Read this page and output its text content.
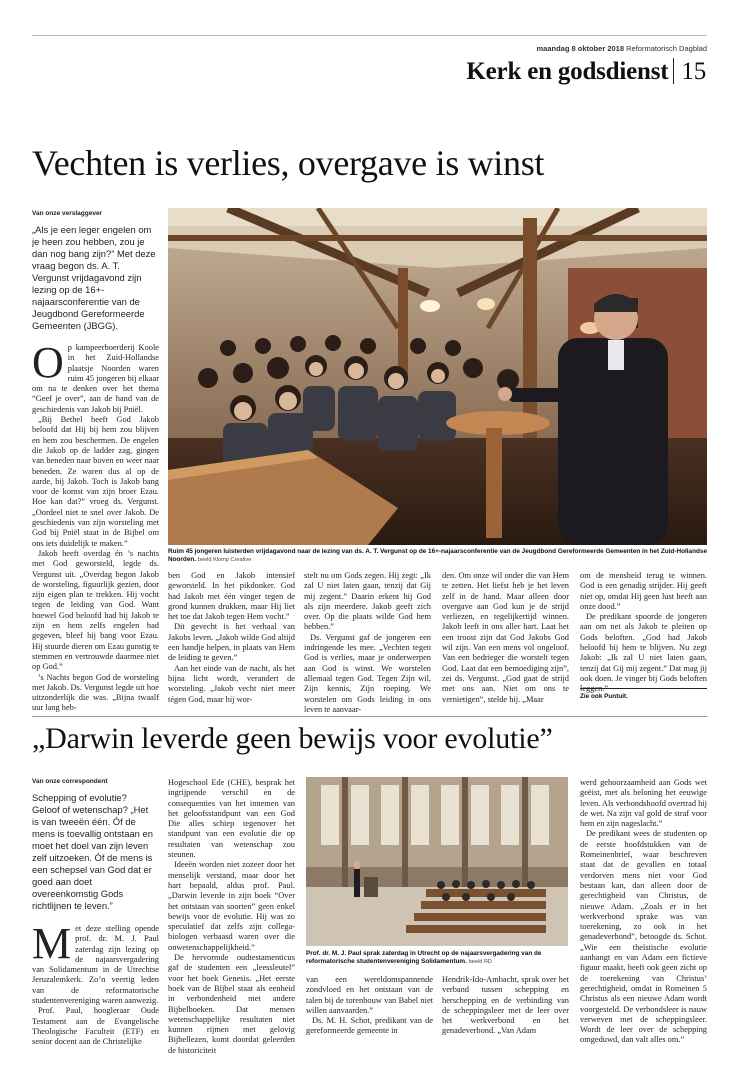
maandag 8 oktober 2018 Reformatorisch Dagblad
Kerk en godsdienst 15
Vechten is verlies, overgave is winst
Van onze verslaggever
„Als je een leger engelen om je heen zou hebben, zou je dan nog bang zijn?” Met deze vraag begon ds. A. T. Vergunst vrijdagavond zijn lezing op de 16+-najaarsconferentie van de Jeugdbond Gereformeerde Gemeenten (JBGG).
Ruim 45 jongeren luisterden vrijdagavond naar de lezing van ds. A. T. Vergunst op de 16+-najaarsconferentie van de Jeugdbond Gereformeerde Gemeenten in het Zuid-Hollandse Noorden. beeld Klomp Creative

Op kampeerboerderij Koole in het Zuid-Hollandse plaatsje Noorden waren ruim 45 jongeren bij elkaar om na te denken over het thema “Geef je over”, aan de hand van de geschiedenis van Jakob bij Pniël.

„Bij Bethel heeft God Jakob beloofd dat Hij bij hem zou blijven en hem zou beschermen. De engelen die Jakob op de ladder zag, gingen van beneden naar boven en weer naar beneden. Ze waren dus al op de aarde, bij Jakob. Toch is Jakob bang voor de komst van zijn broer Ezau. Hoe kan dat?” vroeg ds. Vergunst. „Oordeel niet te snel over Jakob. De geschiedenis van zijn worsteling met God bij Pniël staat in de Bijbel om ons iets duidelijk te maken.”

Jakob heeft overdag én ’s nachts met God geworsteld, legde ds. Vergunst uit. „Overdag begon Jakob de worsteling, figuurlijk gezien, door zijn eigen plan te trekken. Hij vocht tegen de leiding van God. Want hoewel God beloofd had bij Jakob te zijn en hem zelfs engelen had gegeven, bleef hij bang voor Ezau. Hij stuurde dieren om Ezau gunstig te stemmen en vertrouwde daarmee niet op God.”

’s Nachts begon God de worsteling met Jakob. Ds. Vergunst legde uit hoe uitzonderlijk die was. „Bijna twaalf uur lang heb-

ben God en Jakob intensief geworsteld. In het pikdonker. God had Jakob met één vinger tegen de grond kunnen drukken, maar Hij liet het toe dat Jakob tegen Hem vocht.”

Dit gevecht is het verhaal van Jakobs leven. „Jakob wilde God altijd een handje helpen, in plaats van Hem de leiding te geven.”

Aan het einde van de nacht, als het bijna licht wordt, verandert de worsteling. „Jakob vecht niet meer tégen God, maar hij wor-

stelt nu om Gods zegen. Hij zegt: „Ik zal U niet laten gaan, tenzij dat Gij mij zegent.” Daarin erkent hij God als zijn meerdere. Jakob geeft zich over. Op die plaats wilde God hem hebben.”

Ds. Vergunst gaf de jongeren een indringende les mee. „Vechten tegen God is verlies, maar je onderwerpen aan God is winst. We worstelen allemaal tegen God. Tegen Zijn wil, Zijn kennis, Zijn roeping. We worstelen om Gods leiding in ons leven te aanvaar-

den. Om onze wil onder die van Hem te zetten. Het liefst heb je het leven zelf in de hand. Maar alleen door overgave aan God kun je de strijd verliezen, en tegelijkertijd winnen. Jakob leeft in ons aller hart. Laat het een troost zijn dat God Jakobs God wil zijn. Van een mens vol ongeloof. Van een bedrieger die worstelt tegen God. Laat dat een bemoediging zijn”, zei ds. Vergunst. „God gaat de strijd met ons aan. Niet om ons te vernietigen”, stelde hij. „Maar

om de mensheid terug te winnen. God is een genadig strijder. Hij geeft niet op, omdat Hij geen lust heeft aan onze dood.”

De predikant spoorde de jongeren aan om net als Jakob te pleiten op Gods beloften. „God had Jakob beloofd bij hem te blijven. Nu zegt Jakob: „Ik zal U niet laten gaan, tenzij dat Gij mij zegent.” Dat mag jij ook doen. Je vinger bij Gods beloften leggen.”

Zie ook Puntuit.
„Darwin leverde geen bewijs voor evolutie”
Van onze correspondent
Schepping of evolutie? Geloof of wetenschap? „Het is van tweeën één. Óf de mens is toevallig ontstaan en moet het doel van zijn leven zelf uitzoeken. Óf de mens is een schepsel van God dat er goed aan doet overeenkomstig Gods richtlijnen te leven.”

Met deze stelling opende prof. dr. M. J. Paul zaterdag zijn lezing op de najaarsvergadering van Solidamentum in de Utrechtse Jeruzalemkerk. Zo’n veertig leden van de reformatorische studentenvereniging waren aanwezig.

Prof. Paul, hoogleraar Oude Testament aan de Evangelische Theologische Faculteit (ETF) en senior docent aan de Christelijke

Hogeschool Ede (CHE), besprak het ingrijpende verschil en de consequenties van het innemen van het geloofsstandpunt van een God Die alles schiep tegenover het standpunt van een evolutie die op resultaten van wetenschap zou steunen.

Ideeën worden niet zozeer door het menselijk verstand, maar door het hart bepaald, aldus prof. Paul. „Darwin leverde in zijn boek “Over het ontstaan van soorten” geen enkel bewijs voor de evolutie. Hij was zo speculatief dat zelfs zijn collega-biologen verbaasd waren over die onwetenschappelijkheid.”

De hervormde oudtestamenticus gaf de studenten een „leessleutel” voor het boek Genesis. „Het eerste boek van de Bijbel staat als eenheid in verbondenheid met andere Bijbelboeken. Dat mensen wetenschappelijke resultaten niet kunnen rijmen met gelovig Bijbellezen, komt doordat geleerden de historiciteit

Prof. dr. M. J. Paul sprak zaterdag in Utrecht op de najaarsvergadering van de reformatorische studentenvereniging Solidamentum. beeld RD

van een wereldomspannende zondvloed en het ontstaan van de talen bij de torenbouw van Babel niet willen aanvaarden.”

Ds. M. H. Schot, predikant van de gereformeerde gemeente in

Hendrik-Ido-Ambacht, sprak over het verband tussen schepping en herschepping en de verbinding van de scheppingsleer met de leer over het werkverbond en het genadeverbond. „Van Adam

werd gehoorzaamheid aan Gods wet geëist, met als beloning het eeuwige leven. Als verbondshoofd overtrad hij de wet. Na zijn val gold de straf voor hem en zijn nageslacht.”

De predikant wees de studenten op de eerste hoofdstukken van de Romeinenbrief, waar beschreven staat dat de gevallen en totaal verdorven mens niet voor God bestaan kan, dan alleen door de gerechtigheid van Christus, de nieuwe Adam. „Zoals er in het werkverbond sprake was van toerekening, zo ook in het genadeverbond”, betoogde ds. Schot. „Wie een theïstische evolutie aanhangt en van Adam een fictieve figuur maakt, heeft ook geen zicht op de toerekening van Christus’ gerechtigheid, omdat in Romeinen 5 Christus als een nieuwe Adam wordt voorgesteld. De verbondsleer is nauw verweven met de scheppingsleer. Wordt de leer over de schepping omgeduwd, dan valt alles om.”
